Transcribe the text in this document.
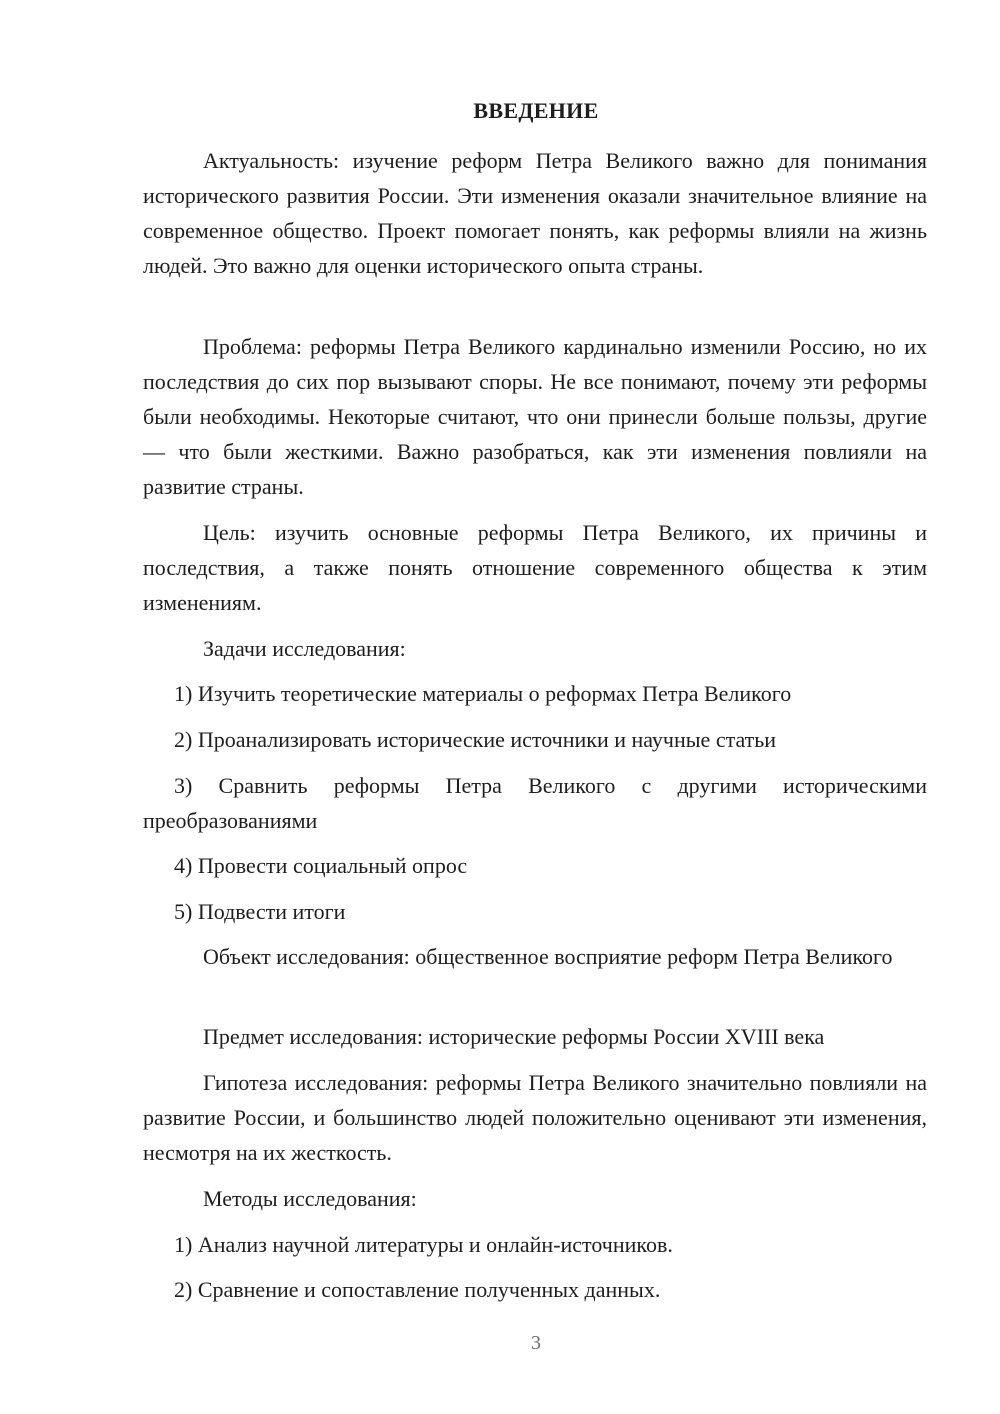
ВВЕДЕНИЕ

Актуальность: изучение реформ Петра Великого важно для понимания исторического развития России. Эти изменения оказали значительное влияние на современное общество. Проект помогает понять, как реформы влияли на жизнь людей. Это важно для оценки исторического опыта страны.

Проблема: реформы Петра Великого кардинально изменили Россию, но их последствия до сих пор вызывают споры. Не все понимают, почему эти реформы были необходимы. Некоторые считают, что они принесли больше пользы, другие — что были жесткими. Важно разобраться, как эти изменения повлияли на развитие страны.

Цель: изучить основные реформы Петра Великого, их причины и последствия, а также понять отношение современного общества к этим изменениям.

Задачи исследования:

1) Изучить теоретические материалы о реформах Петра Великого

2) Проанализировать исторические источники и научные статьи

3) Сравнить реформы Петра Великого с другими историческими преобразованиями

4) Провести социальный опрос

5) Подвести итоги

Объект исследования: общественное восприятие реформ Петра Великого

Предмет исследования: исторические реформы России XVIII века

Гипотеза исследования: реформы Петра Великого значительно повлияли на развитие России, и большинство людей положительно оценивают эти изменения, несмотря на их жесткость.

Методы исследования:

1) Анализ научной литературы и онлайн-источников.

2) Сравнение и сопоставление полученных данных.

3
